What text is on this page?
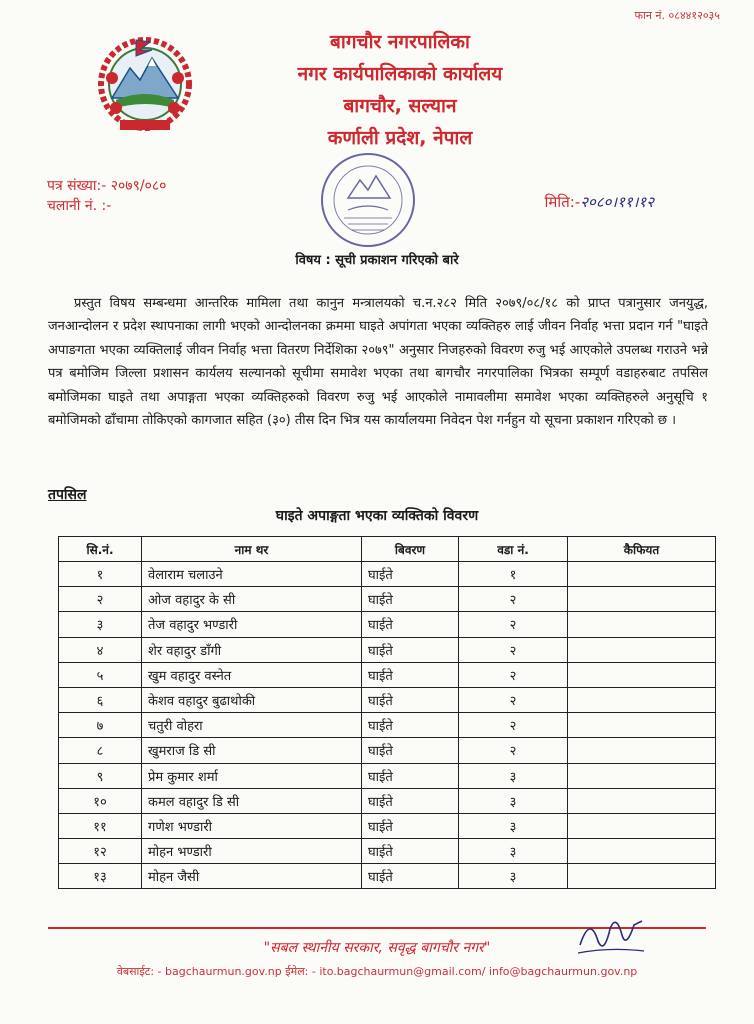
फान नं. ०८४४१२०३५
बागचौर नगरपालिका
नगर कार्यपालिकाको कार्यालय
बागचौर, सल्यान
कर्णाली प्रदेश, नेपाल
पत्र संख्या:- २०७९/०८०
चलानी नं. :-	मिति:-२०८०।११।१२
विषय : सूची प्रकाशन गरिएको बारे
प्रस्तुत विषय सम्बन्धमा आन्तरिक मामिला तथा कानुन मन्त्रालयको च.न.२८२ मिति २०७९/०८/१८ को प्राप्त पत्रानुसार जनयुद्ध, जनआन्दोलन र प्रदेश स्थापनाका लागी भएको आन्दोलनका क्रममा घाइते अपांगता भएका व्यक्तिहरु लाई जीवन निर्वाह भत्ता प्रदान गर्न "घाइते अपाङगता भएका व्यक्तिलाई जीवन निर्वाह भत्ता वितरण निर्देशिका २०७९" अनुसार निजहरुको विवरण रुजु भई आएकोले उपलब्ध गराउने भन्ने पत्र बमोजिम जिल्ला प्रशासन कार्यलय सल्यानको सूचीमा समावेश भएका तथा बागचौर नगरपालिका भित्रका सम्पूर्ण वडाहरुबाट तपसिल बमोजिमका घाइते तथा अपाङ्गता भएका व्यक्तिहरुको विवरण रुजु भई आएकोले नामावलीमा समावेश भएका व्यक्तिहरुले अनुसूचि १ बमोजिमको ढाँचामा तोकिएको कागजात सहित (३०) तीस दिन भित्र यस कार्यालयमा निवेदन पेश गर्नहुन यो सूचना प्रकाशन गरिएको छ ।
तपसिल
घाइते अपाङ्गता भएका व्यक्तिको विवरण
सि.नं.	नाम थर	बिवरण	वडा नं.	कैफियत
१	वेलाराम चलाउने	घाईते	१	
२	ओज वहादुर के सी	घाईते	२	
३	तेज वहादुर भण्डारी	घाईते	२	
४	शेर वहादुर डाँगी	घाईते	२	
५	खुम वहादुर वस्नेत	घाईते	२	
६	केशव वहादुर बुढाथोकी	घाईते	२	
७	चतुरी वोहरा	घाईते	२	
८	खुमराज डि सी	घाईते	२	
९	प्रेम कुमार शर्मा	घाईते	३	
१०	कमल वहादुर डि सी	घाईते	३	
११	गणेश भण्डारी	घाईते	३	
१२	मोहन भण्डारी	घाईते	३	
१३	मोहन जैसी	घाईते	३	
"सबल स्थानीय सरकार, सवृद्ध बागचौर नगर"
वेबसाईट: - bagchaurmun.gov.np ईमेल: - ito.bagchaurmun@gmail.com/ info@bagchaurmun.gov.np
